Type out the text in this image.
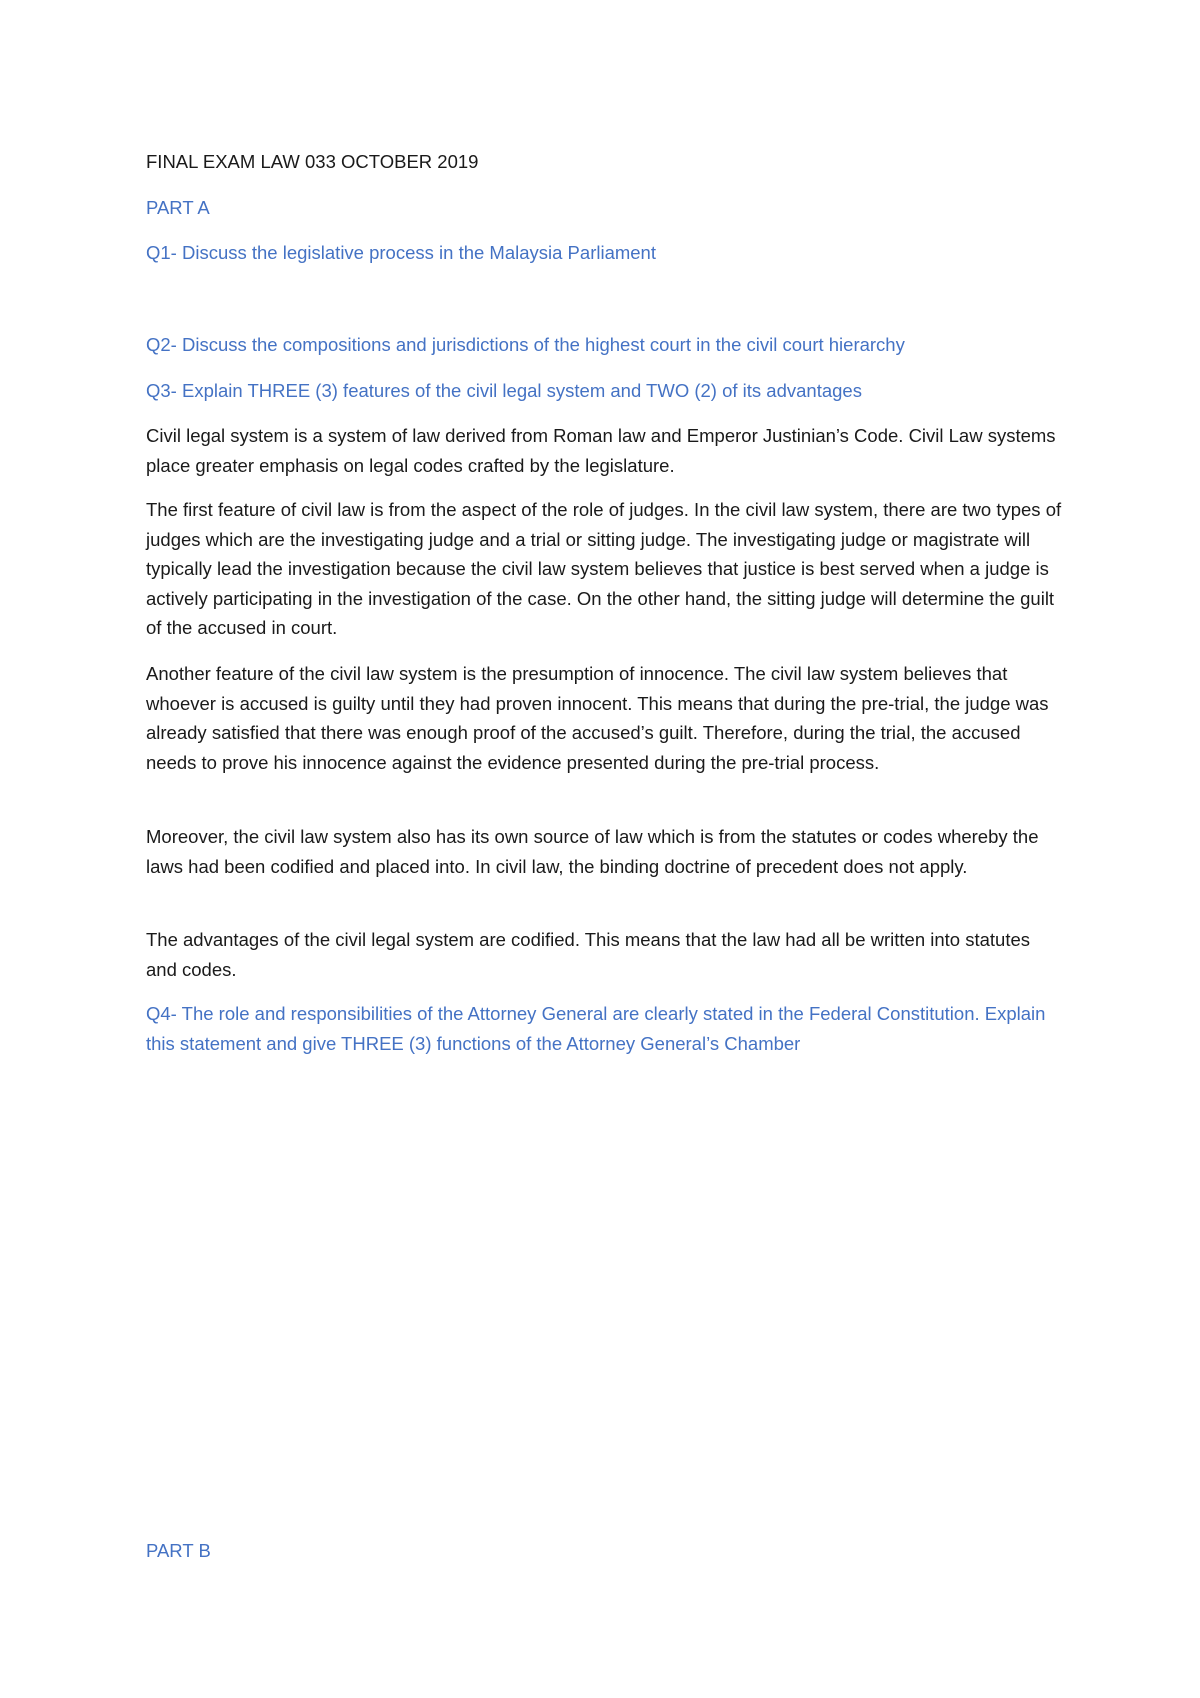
FINAL EXAM LAW 033 OCTOBER 2019

PART A

Q1- Discuss the legislative process in the Malaysia Parliament

Q2- Discuss the compositions and jurisdictions of the highest court in the civil court hierarchy

Q3- Explain THREE (3) features of the civil legal system and TWO (2) of its advantages

Civil legal system is a system of law derived from Roman law and Emperor Justinian’s Code. Civil Law systems place greater emphasis on legal codes crafted by the legislature.

The first feature of civil law is from the aspect of the role of judges. In the civil law system, there are two types of judges which are the investigating judge and a trial or sitting judge. The investigating judge or magistrate will typically lead the investigation because the civil law system believes that justice is best served when a judge is actively participating in the investigation of the case. On the other hand, the sitting judge will determine the guilt of the accused in court.

Another feature of the civil law system is the presumption of innocence. The civil law system believes that whoever is accused is guilty until they had proven innocent. This means that during the pre-trial, the judge was already satisfied that there was enough proof of the accused’s guilt. Therefore, during the trial, the accused needs to prove his innocence against the evidence presented during the pre-trial process.

Moreover, the civil law system also has its own source of law which is from the statutes or codes whereby the laws had been codified and placed into. In civil law, the binding doctrine of precedent does not apply.

The advantages of the civil legal system are codified. This means that the law had all be written into statutes and codes.

Q4- The role and responsibilities of the Attorney General are clearly stated in the Federal Constitution. Explain this statement and give THREE (3) functions of the Attorney General’s Chamber

PART B
